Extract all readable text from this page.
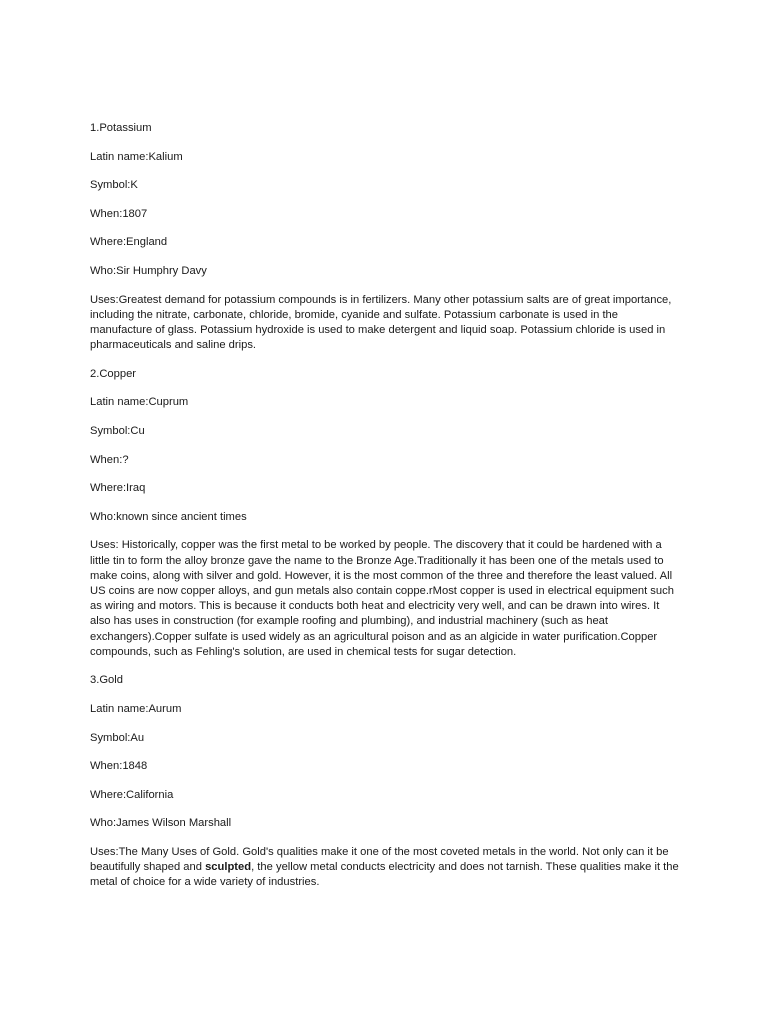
1.Potassium
Latin name:Kalium
Symbol:K
When:1807
Where:England
Who:Sir Humphry Davy
Uses:Greatest demand for potassium compounds is in fertilizers. Many other potassium salts are of great importance, including the nitrate, carbonate, chloride, bromide, cyanide and sulfate. Potassium carbonate is used in the manufacture of glass. Potassium hydroxide is used to make detergent and liquid soap. Potassium chloride is used in pharmaceuticals and saline drips.
2.Copper
Latin name:Cuprum
Symbol:Cu
When:?
Where:Iraq
Who:known since ancient times
Uses: Historically, copper was the first metal to be worked by people. The discovery that it could be hardened with a little tin to form the alloy bronze gave the name to the Bronze Age.Traditionally it has been one of the metals used to make coins, along with silver and gold. However, it is the most common of the three and therefore the least valued. All US coins are now copper alloys, and gun metals also contain coppe.rMost copper is used in electrical equipment such as wiring and motors. This is because it conducts both heat and electricity very well, and can be drawn into wires. It also has uses in construction (for example roofing and plumbing), and industrial machinery (such as heat exchangers).Copper sulfate is used widely as an agricultural poison and as an algicide in water purification.Copper compounds, such as Fehling's solution, are used in chemical tests for sugar detection.
3.Gold
Latin name:Aurum
Symbol:Au
When:1848
Where:California
Who:James Wilson Marshall
Uses:The Many Uses of Gold. Gold's qualities make it one of the most coveted metals in the world. Not only can it be beautifully shaped and sculpted, the yellow metal conducts electricity and does not tarnish. These qualities make it the metal of choice for a wide variety of industries.
